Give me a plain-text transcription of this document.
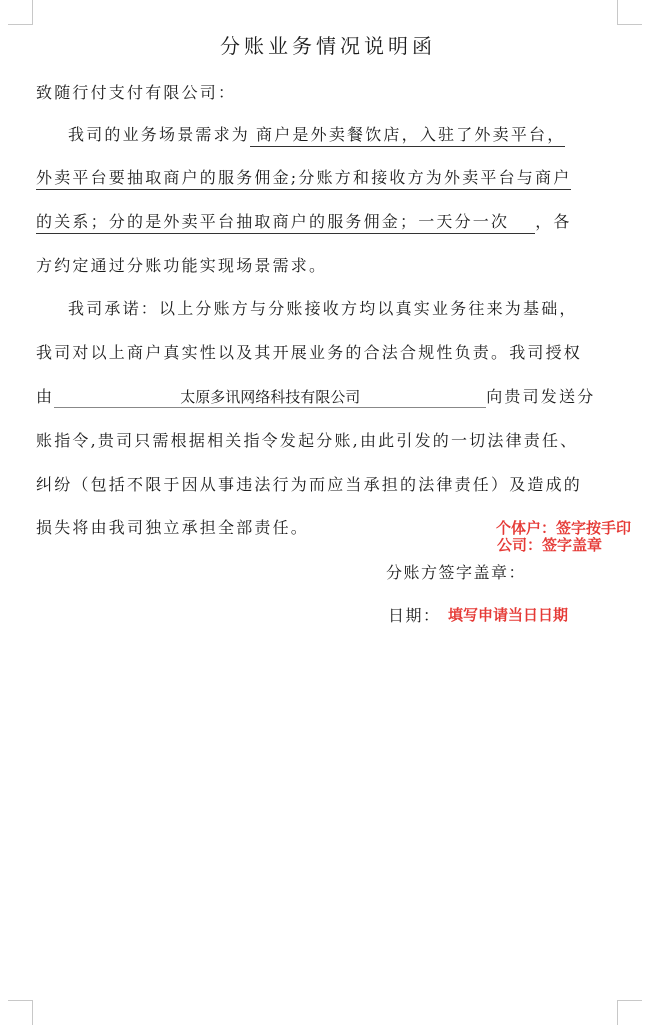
分账业务情况说明函
致随行付支付有限公司：
我司的业务场景需求为 商户是外卖餐饮店，入驻了外卖平台，
外卖平台要抽取商户的服务佣金;分账方和接收方为外卖平台与商户
的关系；分的是外卖平台抽取商户的服务佣金；一天分一次 ，各
方约定通过分账功能实现场景需求。
我司承诺：以上分账方与分账接收方均以真实业务往来为基础，
我司对以上商户真实性以及其开展业务的合法合规性负责。我司授权
由	太原多讯网络科技有限公司	向贵司发送分
账指令,贵司只需根据相关指令发起分账,由此引发的一切法律责任、
纠纷（包括不限于因从事违法行为而应当承担的法律责任）及造成的
损失将由我司独立承担全部责任。	个体户：签字按手印
公司：签字盖章
分账方签字盖章：
日期： 填写申请当日日期
